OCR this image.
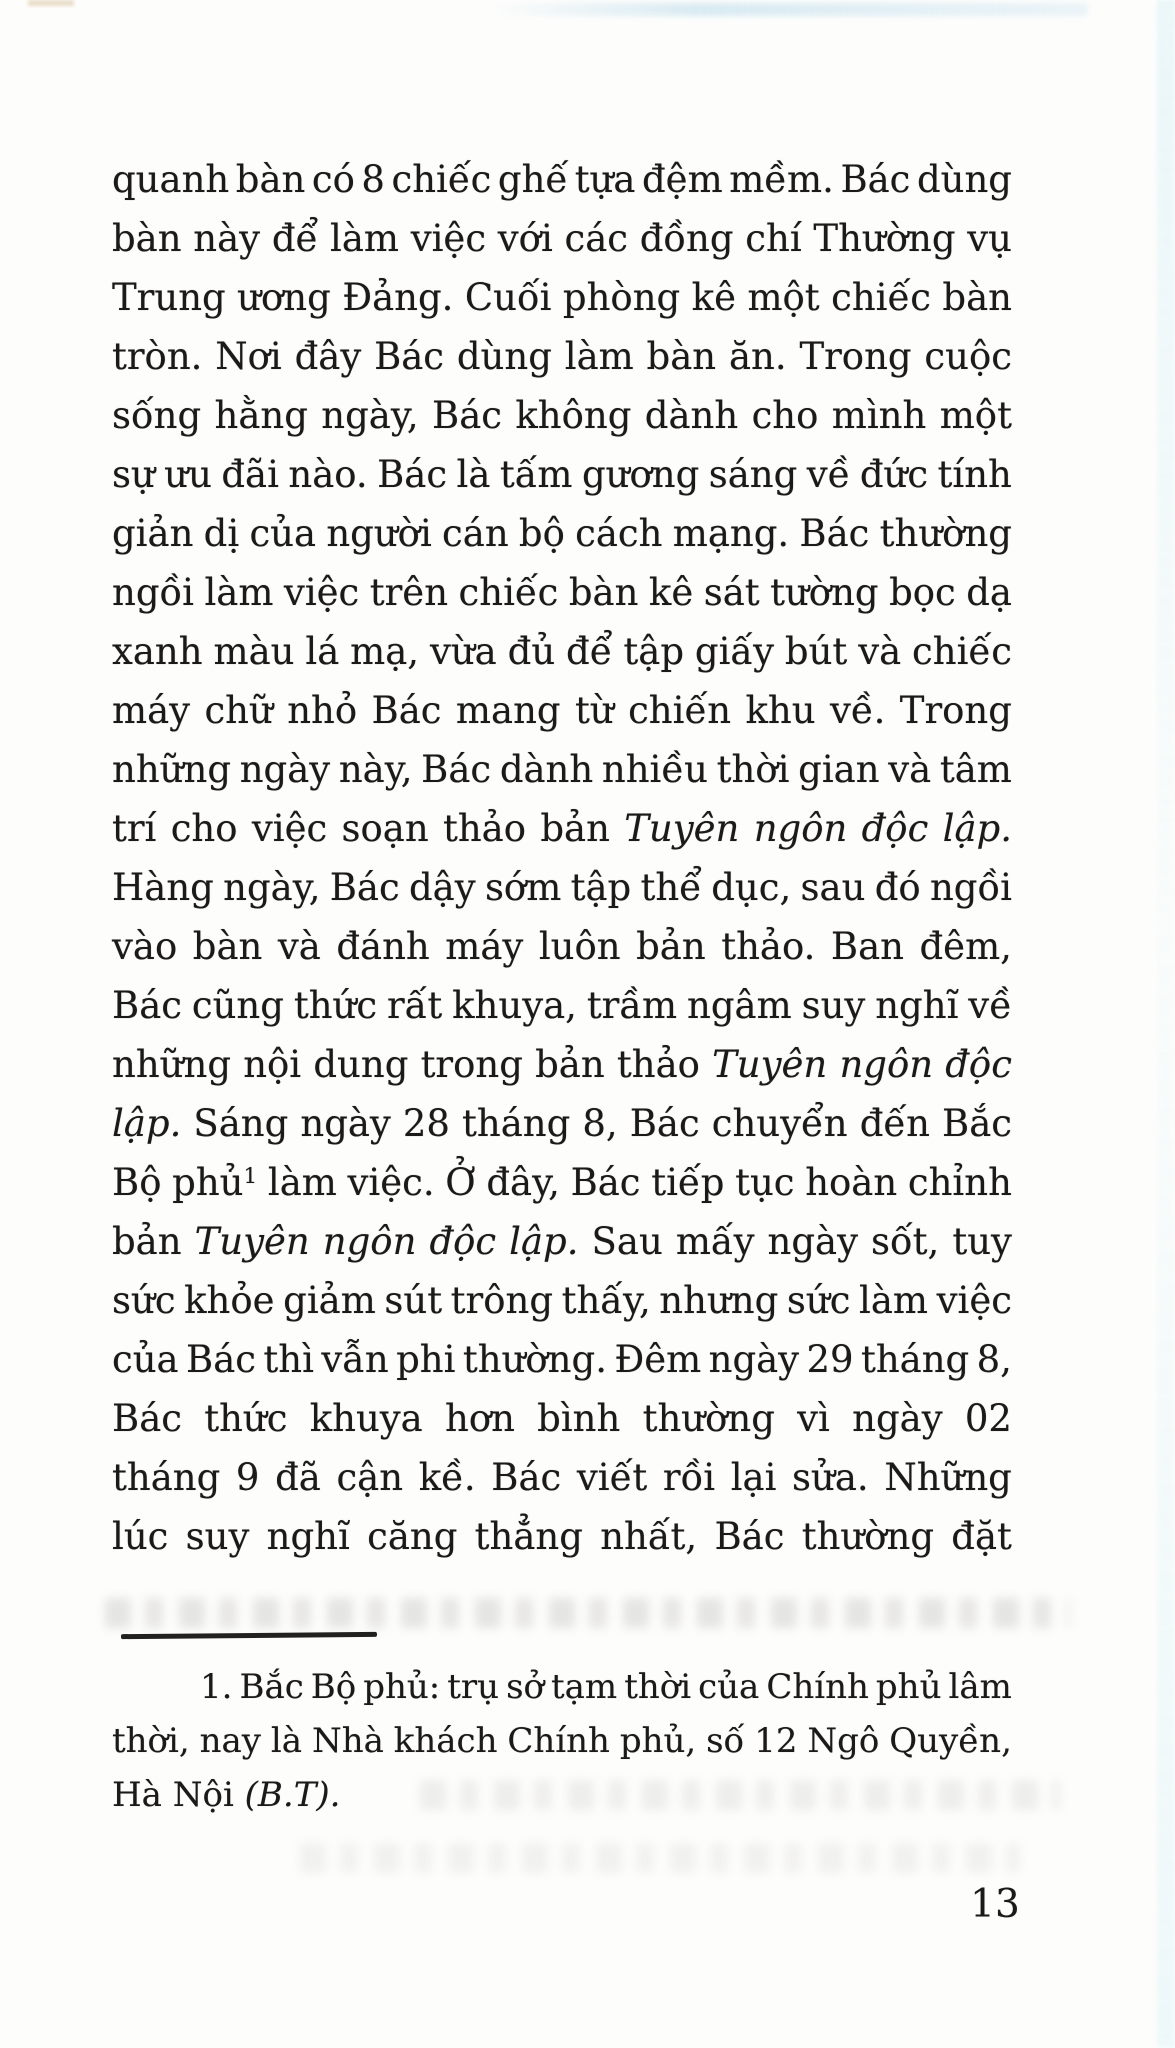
quanh bàn có 8 chiếc ghế tựa đệm mềm. Bác dùng
bàn này để làm việc với các đồng chí Thường vụ
Trung ương Đảng. Cuối phòng kê một chiếc bàn
tròn. Nơi đây Bác dùng làm bàn ăn. Trong cuộc
sống hằng ngày, Bác không dành cho mình một
sự ưu đãi nào. Bác là tấm gương sáng về đức tính
giản dị của người cán bộ cách mạng. Bác thường
ngồi làm việc trên chiếc bàn kê sát tường bọc dạ
xanh màu lá mạ, vừa đủ để tập giấy bút và chiếc
máy chữ nhỏ Bác mang từ chiến khu về. Trong
những ngày này, Bác dành nhiều thời gian và tâm
trí cho việc soạn thảo bản Tuyên ngôn độc lập.
Hàng ngày, Bác dậy sớm tập thể dục, sau đó ngồi
vào bàn và đánh máy luôn bản thảo. Ban đêm,
Bác cũng thức rất khuya, trầm ngâm suy nghĩ về
những nội dung trong bản thảo Tuyên ngôn độc
lập. Sáng ngày 28 tháng 8, Bác chuyển đến Bắc
Bộ phủ$^1$ làm việc. Ở đây, Bác tiếp tục hoàn chỉnh
bản Tuyên ngôn độc lập. Sau mấy ngày sốt, tuy
sức khỏe giảm sút trông thấy, nhưng sức làm việc
của Bác thì vẫn phi thường. Đêm ngày 29 tháng 8,
Bác thức khuya hơn bình thường vì ngày 02
tháng 9 đã cận kề. Bác viết rồi lại sửa. Những
lúc suy nghĩ căng thẳng nhất, Bác thường đặt
1. Bắc Bộ phủ: trụ sở tạm thời của Chính phủ lâm
thời, nay là Nhà khách Chính phủ, số 12 Ngô Quyền,
Hà Nội (B.T).
13
